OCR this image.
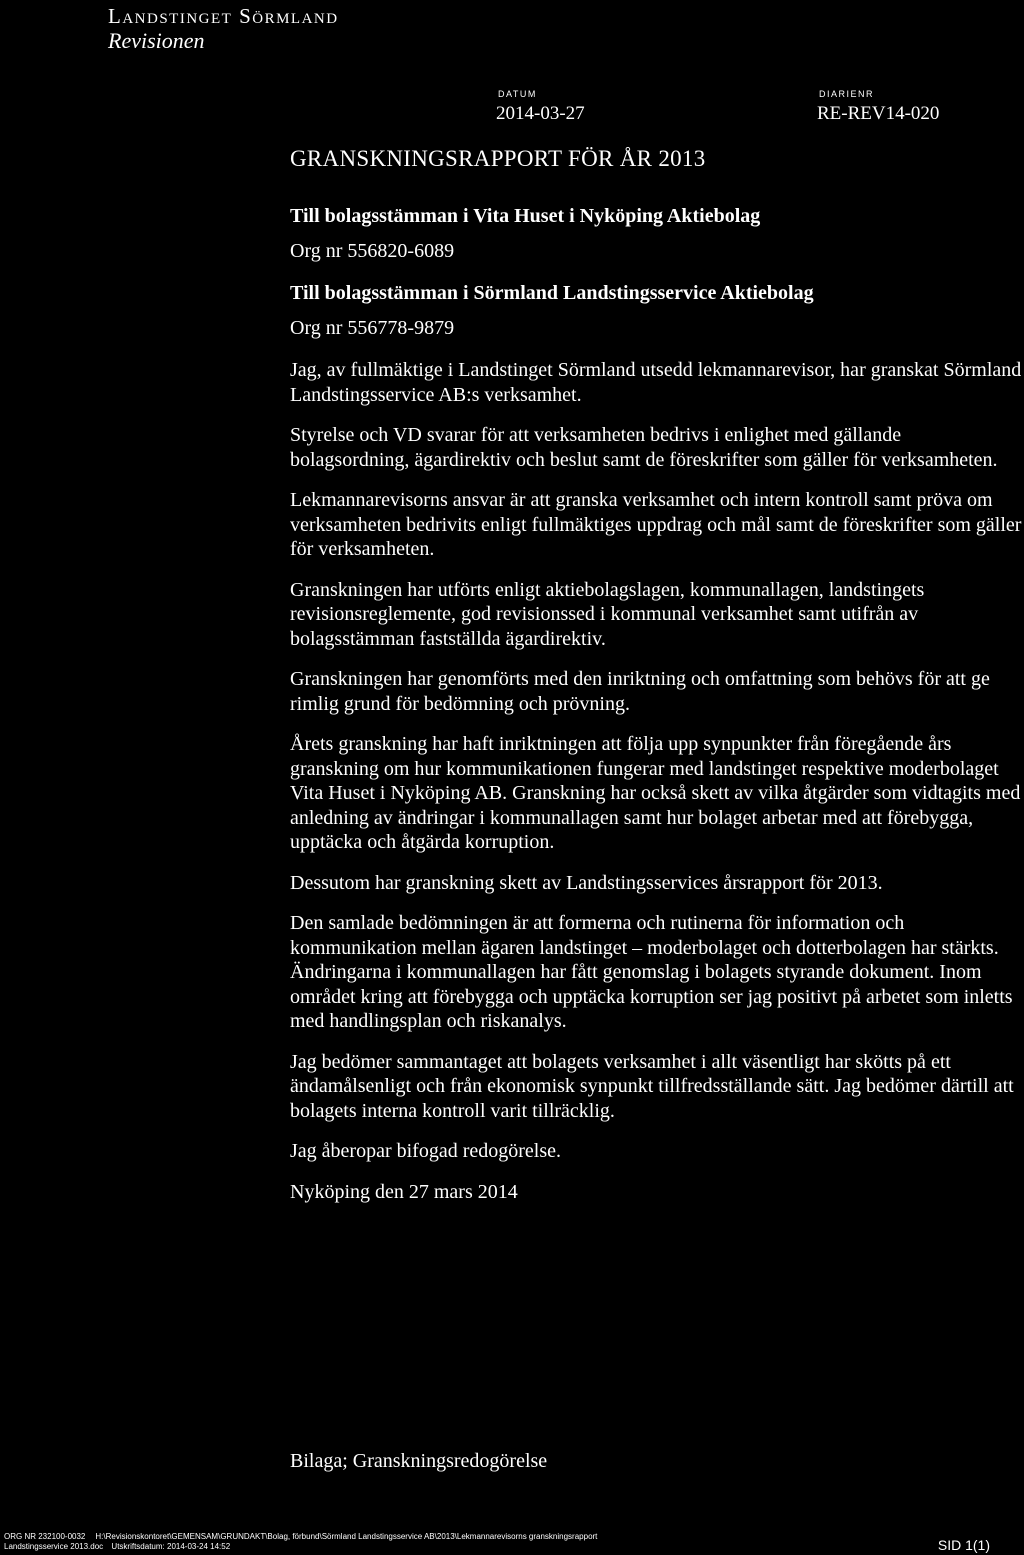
Landstinget Sörmland
Revisionen
DATUM
2014-03-27
DIARIENR
RE-REV14-020
GRANSKNINGSRAPPORT FÖR ÅR 2013

Till bolagsstämman i Vita Huset i Nyköping Aktiebolag

Org nr 556820-6089

Till bolagsstämman i Sörmland Landstingsservice Aktiebolag

Org nr 556778-9879

Jag, av fullmäktige i Landstinget Sörmland utsedd lekmannarevisor, har granskat Sörmland Landstingsservice AB:s verksamhet.

Styrelse och VD svarar för att verksamheten bedrivs i enlighet med gällande bolagsordning, ägardirektiv och beslut samt de föreskrifter som gäller för verksamheten.

Lekmannarevisorns ansvar är att granska verksamhet och intern kontroll samt pröva om verksamheten bedrivits enligt fullmäktiges uppdrag och mål samt de föreskrifter som gäller för verksamheten.

Granskningen har utförts enligt aktiebolagslagen, kommunallagen, landstingets revisionsreglemente, god revisionssed i kommunal verksamhet samt utifrån av bolagsstämman fastställda ägardirektiv.

Granskningen har genomförts med den inriktning och omfattning som behövs för att ge rimlig grund för bedömning och prövning.

Årets granskning har haft inriktningen att följa upp synpunkter från föregående års granskning om hur kommunikationen fungerar med landstinget respektive moderbolaget Vita Huset i Nyköping AB. Granskning har också skett av vilka åtgärder som vidtagits med anledning av ändringar i kommunallagen samt hur bolaget arbetar med att förebygga, upptäcka och åtgärda korruption.

Dessutom har granskning skett av Landstingsservices årsrapport för 2013.

Den samlade bedömningen är att formerna och rutinerna för information och kommunikation mellan ägaren landstinget – moderbolaget och dotterbolagen har stärkts. Ändringarna i kommunallagen har fått genomslag i bolagets styrande dokument. Inom området kring att förebygga och upptäcka korruption ser jag positivt på arbetet som inletts med handlingsplan och riskanalys.

Jag bedömer sammantaget att bolagets verksamhet i allt väsentligt har skötts på ett ändamålsenligt och från ekonomisk synpunkt tillfredsställande sätt. Jag bedömer därtill att bolagets interna kontroll varit tillräcklig.

Jag åberopar bifogad redogörelse.

Nyköping den 27 mars 2014

Bilaga; Granskningsredogörelse
ORG NR 232100-0032 H:\Revisionskontoret\GEMENSAM\GRUNDAKT\Bolag, förbund\Sörmland Landstingsservice AB\2013\Lekmannarevisorns granskningsrapport
Landstingsservice 2013.doc Utskriftsdatum: 2014-03-24 14:52	SID 1(1)
